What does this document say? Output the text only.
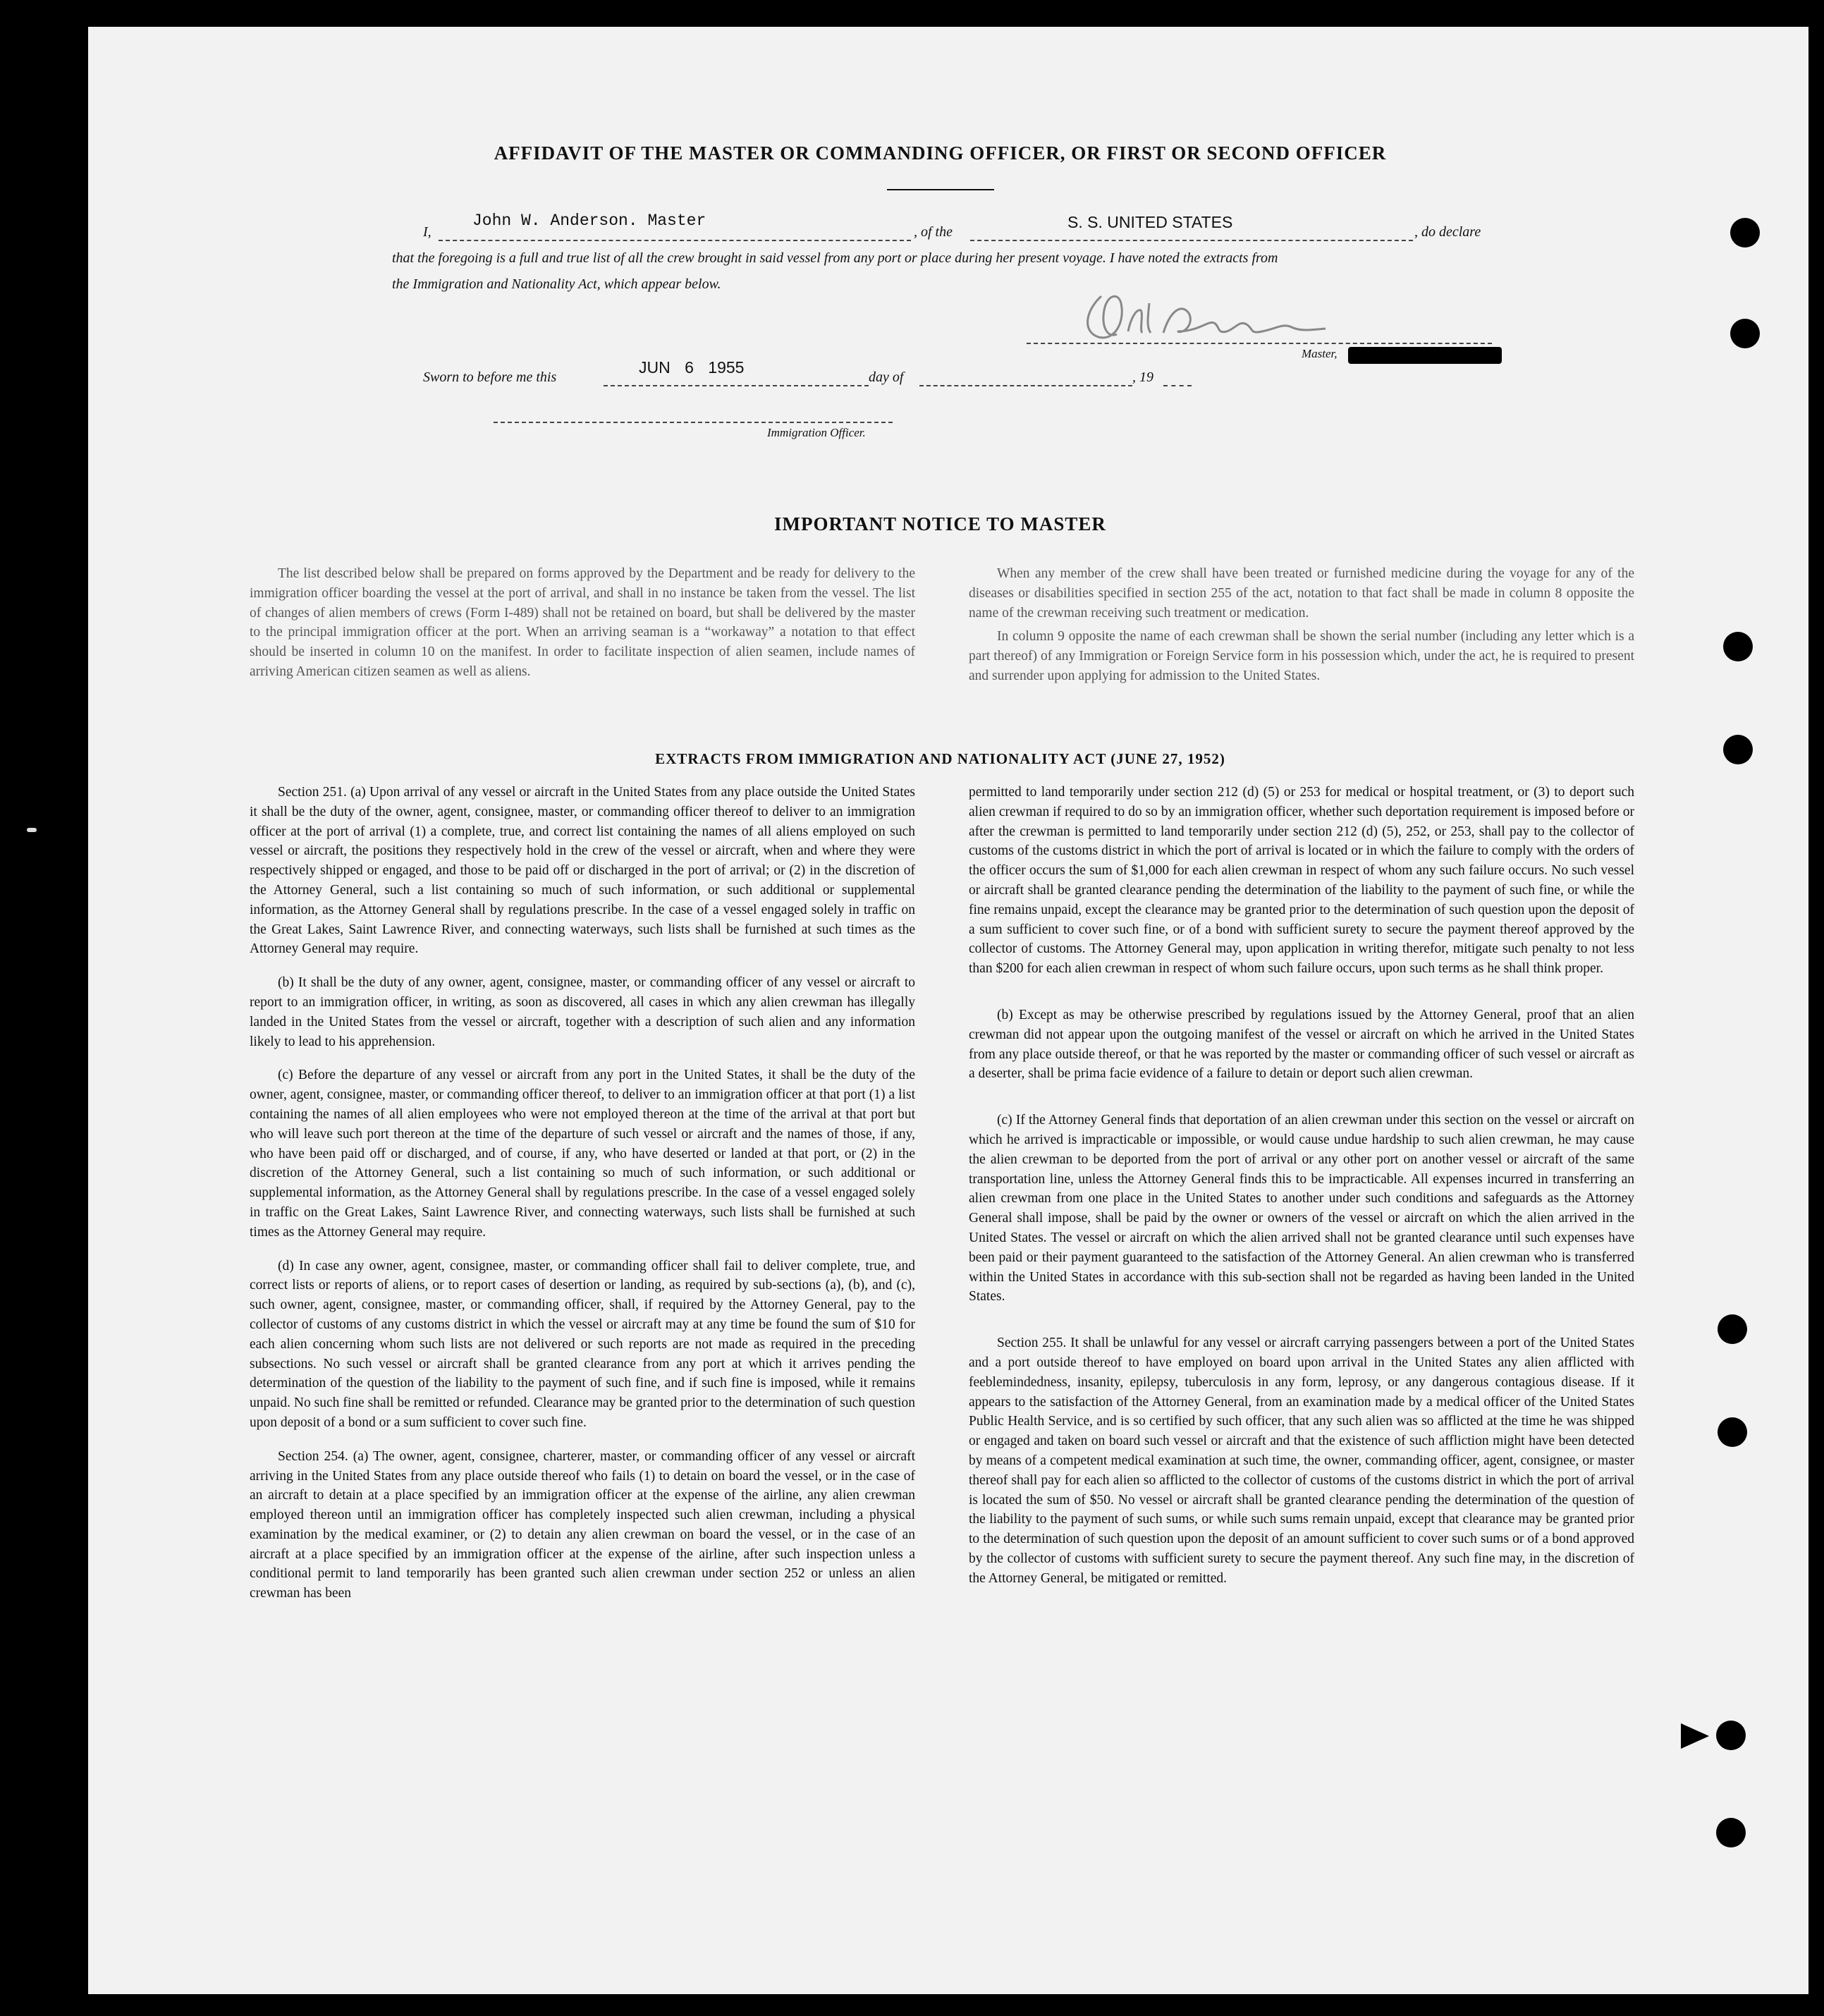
AFFIDAVIT OF THE MASTER OR COMMANDING OFFICER, OR FIRST OR SECOND OFFICER
I,
John W. Anderson. Master
, of the
S. S. UNITED STATES
, do declare
that the foregoing is a full and true list of all the crew brought in said vessel from any port or place during her present voyage. I have noted the extracts from
the Immigration and Nationality Act, which appear below.
Master,
Sworn to before me this
JUN 6 1955
day of	, 19
Immigration Officer.
IMPORTANT NOTICE TO MASTER

The list described below shall be prepared on forms approved by the Department and be ready for delivery to the immigration officer boarding the vessel at the port of arrival, and shall in no instance be taken from the vessel. The list of changes of alien members of crews (Form I-489) shall not be retained on board, but shall be delivered by the master to the principal immigration officer at the port. When an arriving seaman is a “workaway” a notation to that effect should be inserted in column 10 on the manifest. In order to facilitate inspection of alien seamen, include names of arriving American citizen seamen as well as aliens.

When any member of the crew shall have been treated or furnished medicine during the voyage for any of the diseases or disabilities specified in section 255 of the act, notation to that fact shall be made in column 8 opposite the name of the crewman receiving such treatment or medication.

In column 9 opposite the name of each crewman shall be shown the serial number (including any letter which is a part thereof) of any Immigration or Foreign Service form in his possession which, under the act, he is required to present and surrender upon applying for admission to the United States.

EXTRACTS FROM IMMIGRATION AND NATIONALITY ACT (JUNE 27, 1952)

Section 251. (a) Upon arrival of any vessel or aircraft in the United States from any place outside the United States it shall be the duty of the owner, agent, consignee, master, or commanding officer thereof to deliver to an immigration officer at the port of arrival (1) a complete, true, and correct list containing the names of all aliens employed on such vessel or aircraft, the positions they respectively hold in the crew of the vessel or aircraft, when and where they were respectively shipped or engaged, and those to be paid off or discharged in the port of arrival; or (2) in the discretion of the Attorney General, such a list containing so much of such information, or such additional or supplemental information, as the Attorney General shall by regulations prescribe. In the case of a vessel engaged solely in traffic on the Great Lakes, Saint Lawrence River, and connecting waterways, such lists shall be furnished at such times as the Attorney General may require.

(b) It shall be the duty of any owner, agent, consignee, master, or commanding officer of any vessel or aircraft to report to an immigration officer, in writing, as soon as discovered, all cases in which any alien crewman has illegally landed in the United States from the vessel or aircraft, together with a description of such alien and any information likely to lead to his apprehension.

(c) Before the departure of any vessel or aircraft from any port in the United States, it shall be the duty of the owner, agent, consignee, master, or commanding officer thereof, to deliver to an immigration officer at that port (1) a list containing the names of all alien employees who were not employed thereon at the time of the arrival at that port but who will leave such port thereon at the time of the departure of such vessel or aircraft and the names of those, if any, who have been paid off or discharged, and of course, if any, who have deserted or landed at that port, or (2) in the discretion of the Attorney General, such a list containing so much of such information, or such additional or supplemental information, as the Attorney General shall by regulations prescribe. In the case of a vessel engaged solely in traffic on the Great Lakes, Saint Lawrence River, and connecting waterways, such lists shall be furnished at such times as the Attorney General may require.

(d) In case any owner, agent, consignee, master, or commanding officer shall fail to deliver complete, true, and correct lists or reports of aliens, or to report cases of desertion or landing, as required by sub-sections (a), (b), and (c), such owner, agent, consignee, master, or commanding officer, shall, if required by the Attorney General, pay to the collector of customs of any customs district in which the vessel or aircraft may at any time be found the sum of $10 for each alien concerning whom such lists are not delivered or such reports are not made as required in the preceding subsections. No such vessel or aircraft shall be granted clearance from any port at which it arrives pending the determination of the question of the liability to the payment of such fine, and if such fine is imposed, while it remains unpaid. No such fine shall be remitted or refunded. Clearance may be granted prior to the determination of such question upon deposit of a bond or a sum sufficient to cover such fine.

Section 254. (a) The owner, agent, consignee, charterer, master, or commanding officer of any vessel or aircraft arriving in the United States from any place outside thereof who fails (1) to detain on board the vessel, or in the case of an aircraft to detain at a place specified by an immigration officer at the expense of the airline, any alien crewman employed thereon until an immigration officer has completely inspected such alien crewman, including a physical examination by the medical examiner, or (2) to detain any alien crewman on board the vessel, or in the case of an aircraft at a place specified by an immigration officer at the expense of the airline, after such inspection unless a conditional permit to land temporarily has been granted such alien crewman under section 252 or unless an alien crewman has been

permitted to land temporarily under section 212 (d) (5) or 253 for medical or hospital treatment, or (3) to deport such alien crewman if required to do so by an immigration officer, whether such deportation requirement is imposed before or after the crewman is permitted to land temporarily under section 212 (d) (5), 252, or 253, shall pay to the collector of customs of the customs district in which the port of arrival is located or in which the failure to comply with the orders of the officer occurs the sum of $1,000 for each alien crewman in respect of whom any such failure occurs. No such vessel or aircraft shall be granted clearance pending the determination of the liability to the payment of such fine, or while the fine remains unpaid, except the clearance may be granted prior to the determination of such question upon the deposit of a sum sufficient to cover such fine, or of a bond with sufficient surety to secure the payment thereof approved by the collector of customs. The Attorney General may, upon application in writing therefor, mitigate such penalty to not less than $200 for each alien crewman in respect of whom such failure occurs, upon such terms as he shall think proper.

(b) Except as may be otherwise prescribed by regulations issued by the Attorney General, proof that an alien crewman did not appear upon the outgoing manifest of the vessel or aircraft on which he arrived in the United States from any place outside thereof, or that he was reported by the master or commanding officer of such vessel or aircraft as a deserter, shall be prima facie evidence of a failure to detain or deport such alien crewman.

(c) If the Attorney General finds that deportation of an alien crewman under this section on the vessel or aircraft on which he arrived is impracticable or impossible, or would cause undue hardship to such alien crewman, he may cause the alien crewman to be deported from the port of arrival or any other port on another vessel or aircraft of the same transportation line, unless the Attorney General finds this to be impracticable. All expenses incurred in transferring an alien crewman from one place in the United States to another under such conditions and safeguards as the Attorney General shall impose, shall be paid by the owner or owners of the vessel or aircraft on which the alien arrived in the United States. The vessel or aircraft on which the alien arrived shall not be granted clearance until such expenses have been paid or their payment guaranteed to the satisfaction of the Attorney General. An alien crewman who is transferred within the United States in accordance with this sub-section shall not be regarded as having been landed in the United States.

Section 255. It shall be unlawful for any vessel or aircraft carrying passengers between a port of the United States and a port outside thereof to have employed on board upon arrival in the United States any alien afflicted with feeblemindedness, insanity, epilepsy, tuberculosis in any form, leprosy, or any dangerous contagious disease. If it appears to the satisfaction of the Attorney General, from an examination made by a medical officer of the United States Public Health Service, and is so certified by such officer, that any such alien was so afflicted at the time he was shipped or engaged and taken on board such vessel or aircraft and that the existence of such affliction might have been detected by means of a competent medical examination at such time, the owner, commanding officer, agent, consignee, or master thereof shall pay for each alien so afflicted to the collector of customs of the customs district in which the port of arrival is located the sum of $50. No vessel or aircraft shall be granted clearance pending the determination of the question of the liability to the payment of such sums, or while such sums remain unpaid, except that clearance may be granted prior to the determination of such question upon the deposit of an amount sufficient to cover such sums or of a bond approved by the collector of customs with sufficient surety to secure the payment thereof. Any such fine may, in the discretion of the Attorney General, be mitigated or remitted.
